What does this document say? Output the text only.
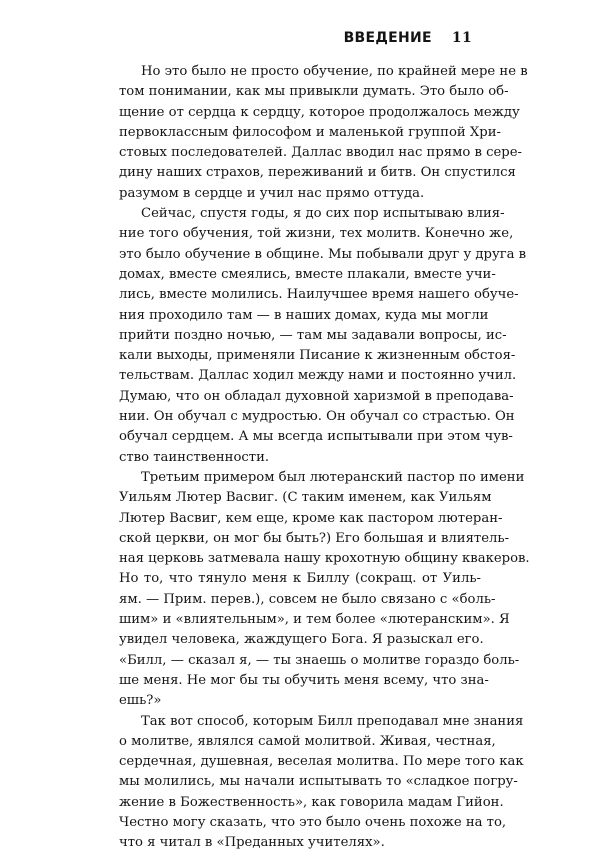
ВВЕДЕНИЕ 11
Но это было не просто обучение, по крайней мере не в
том понимании, как мы привыкли думать. Это было об-
щение от сердца к сердцу, которое продолжалось между
первоклассным философом и маленькой группой Хри-
стовых последователей. Даллас вводил нас прямо в сере-
дину наших страхов, переживаний и битв. Он спустился
разумом в сердце и учил нас прямо оттуда.
Сейчас, спустя годы, я до сих пор испытываю влия-
ние того обучения, той жизни, тех молитв. Конечно же,
это было обучение в общине. Мы побывали друг у друга в
домах, вместе смеялись, вместе плакали, вместе учи-
лись, вместе молились. Наилучшее время нашего обуче-
ния проходило там — в наших домах, куда мы могли
прийти поздно ночью, — там мы задавали вопросы, ис-
кали выходы, применяли Писание к жизненным обстоя-
тельствам. Даллас ходил между нами и постоянно учил.
Думаю, что он обладал духовной харизмой в преподава-
нии. Он обучал с мудростью. Он обучал со страстью. Он
обучал сердцем. А мы всегда испытывали при этом чув-
ство таинственности.
Третьим примером был лютеранский пастор по имени
Уильям Лютер Васвиг. (С таким именем, как Уильям
Лютер Васвиг, кем еще, кроме как пастором лютеран-
ской церкви, он мог бы быть?) Его большая и влиятель-
ная церковь затмевала нашу крохотную общину квакеров.
Но то, что тянуло меня к Биллу (сокращ. от Уиль-
ям. — Прим. перев.), совсем не было связано с «боль-
шим» и «влиятельным», и тем более «лютеранским». Я
увидел человека, жаждущего Бога. Я разыскал его.
«Билл, — сказал я, — ты знаешь о молитве гораздо боль-
ше меня. Не мог бы ты обучить меня всему, что зна-
ешь?»
Так вот способ, которым Билл преподавал мне знания
о молитве, являлся самой молитвой. Живая, честная,
сердечная, душевная, веселая молитва. По мере того как
мы молились, мы начали испытывать то «сладкое погру-
жение в Божественность», как говорила мадам Гийон.
Честно могу сказать, что это было очень похоже на то,
что я читал в «Преданных учителях».
